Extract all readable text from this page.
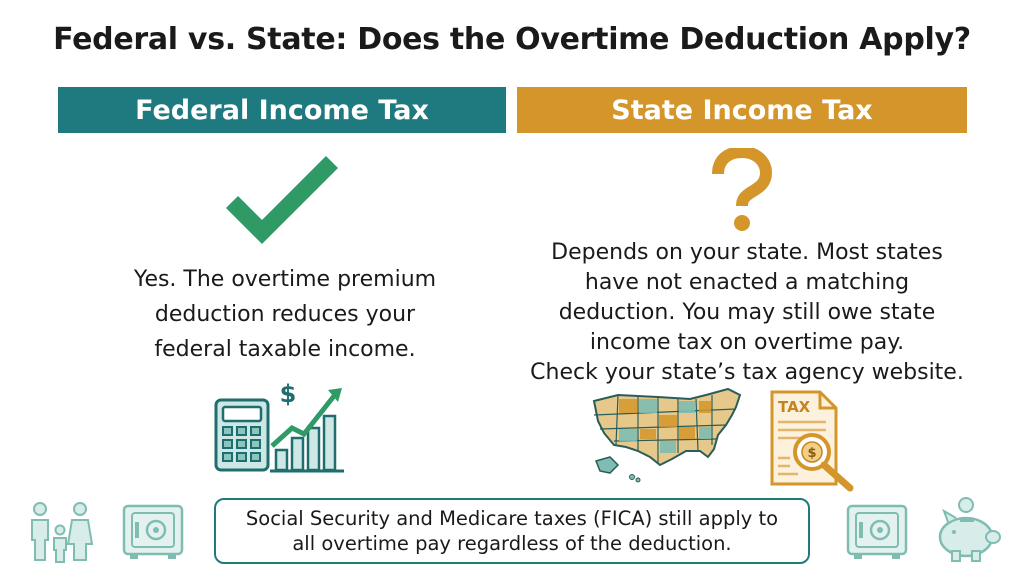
Federal vs. State: Does the Overtime Deduction Apply?
Federal Income Tax	State Income Tax
Yes. The overtime premium
deduction reduces your
federal taxable income.
Depends on your state. Most states
have not enacted a matching
deduction. You may still owe state
income tax on overtime pay.
Check your state’s tax agency website.
$	TAX
$
Social Security and Medicare taxes (FICA) still apply to
all overtime pay regardless of the deduction.
